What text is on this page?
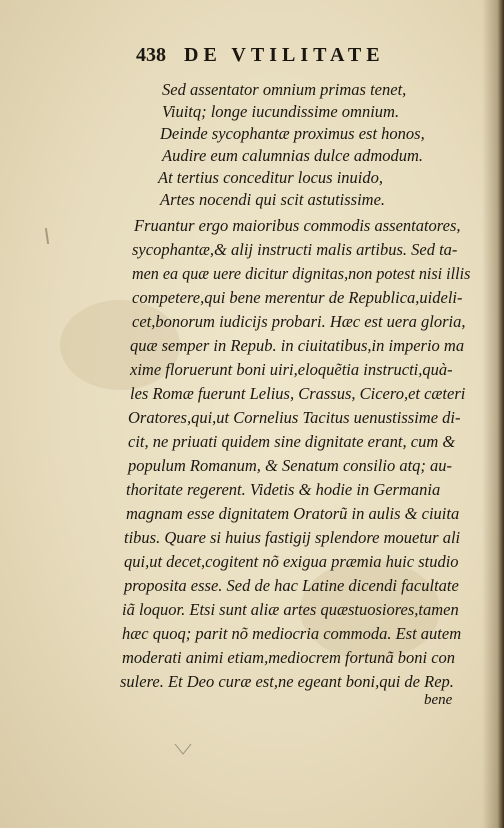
438 DE VTILITATE
Sed assentator omnium primas tenet,
Viuitq; longe iucundissime omnium.
Deinde sycophantæ proximus est honos,
Audire eum calumnias dulce admodum.
At tertius conceditur locus inuido,
Artes nocendi qui scit astutissime.
Fruantur ergo maioribus commodis assentatores,
sycophantæ,& alij instructi malis artibus. Sed ta-
men ea quæ uere dicitur dignitas,non potest nisi illis
competere,qui bene merentur de Republica,uideli-
cet,bonorum iudicijs probari. Hæc est uera gloria,
quæ semper in Repub. in ciuitatibus,in imperio ma
xime floruerunt boni uiri,eloquẽtia instructi,quà-
les Romæ fuerunt Lelius, Crassus, Cicero,et cæteri
Oratores,qui,ut Cornelius Tacitus uenustissime di-
cit, ne priuati quidem sine dignitate erant, cum &
populum Romanum, & Senatum consilio atq; au-
thoritate regerent. Videtis & hodie in Germania
magnam esse dignitatem Oratorũ in aulis & ciuita
tibus. Quare si huius fastigij splendore mouetur ali
qui,ut decet,cogitent nõ exigua præmia huic studio
proposita esse. Sed de hac Latine dicendi facultate
iã loquor. Etsi sunt aliæ artes quæstuosiores,tamen
hæc quoq; parit nõ mediocria commoda. Est autem
moderati animi etiam,mediocrem fortunã boni con
sulere. Et Deo curæ est,ne egeant boni,qui de Rep.
bene
